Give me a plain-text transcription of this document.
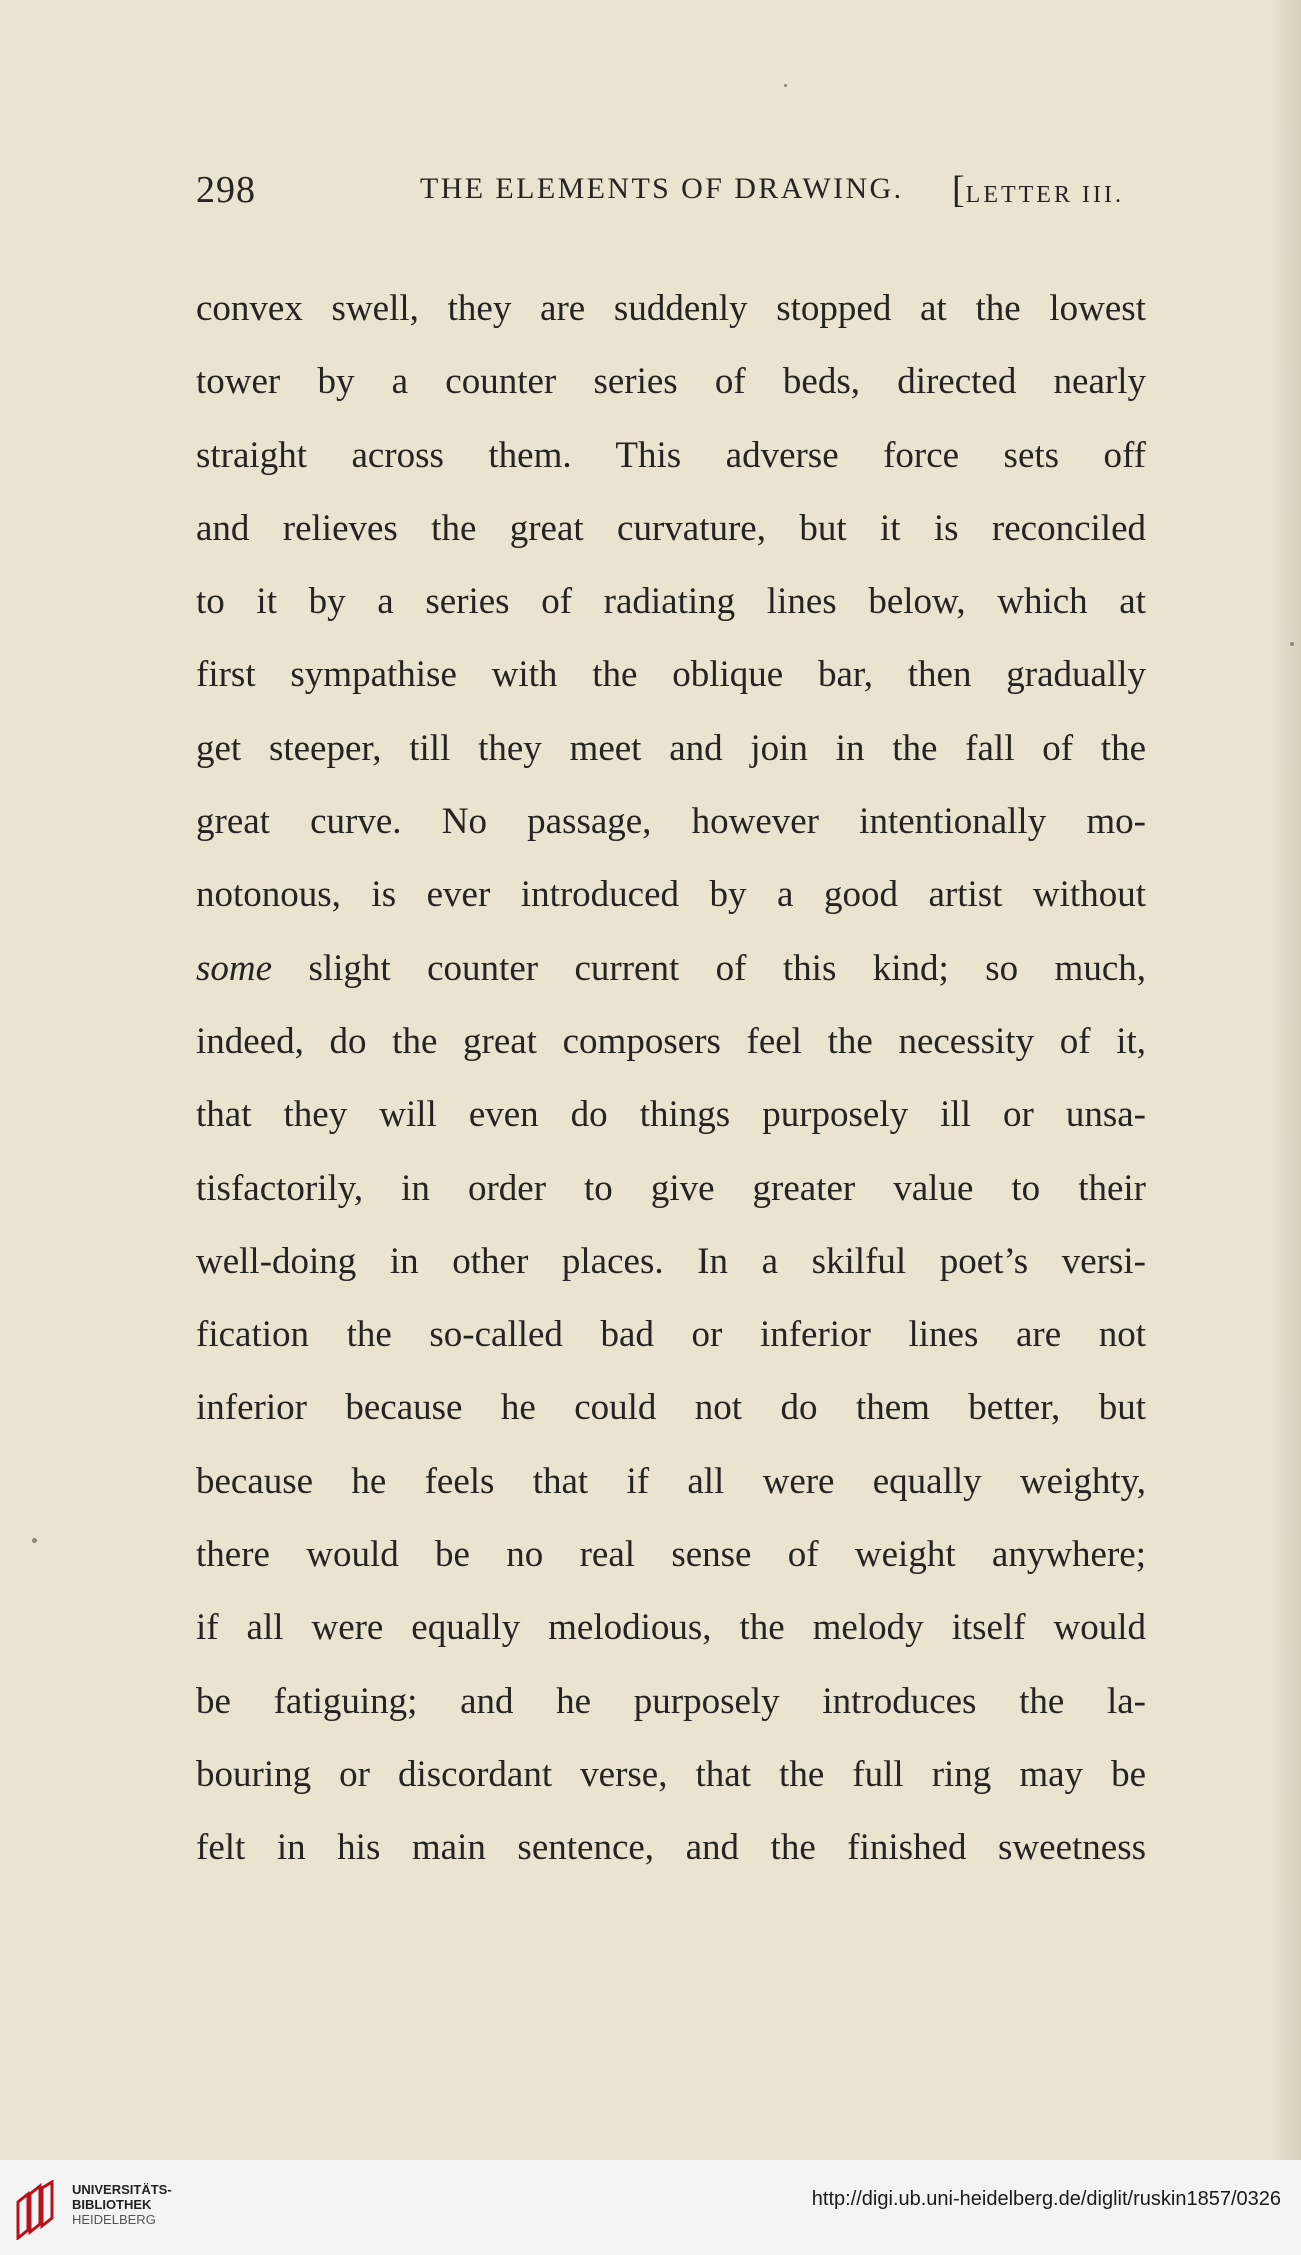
298	THE ELEMENTS OF DRAWING. [LETTER III.
convex swell, they are suddenly stopped at the lowest
tower by a counter series of beds, directed nearly
straight across them. This adverse force sets off
and relieves the great curvature, but it is reconciled
to it by a series of radiating lines below, which at
first sympathise with the oblique bar, then gradually
get steeper, till they meet and join in the fall of the
great curve. No passage, however intentionally mo-
notonous, is ever introduced by a good artist without
some slight counter current of this kind; so much,
indeed, do the great composers feel the necessity of it,
that they will even do things purposely ill or unsa-
tisfactorily, in order to give greater value to their
well-doing in other places. In a skilful poet’s versi-
fication the so-called bad or inferior lines are not
inferior because he could not do them better, but
because he feels that if all were equally weighty,
there would be no real sense of weight anywhere;
if all were equally melodious, the melody itself would
be fatiguing; and he purposely introduces the la-
bouring or discordant verse, that the full ring may be
felt in his main sentence, and the finished sweetness
UNIVERSITÄTS-
BIBLIOTHEK
HEIDELBERG
http://digi.ub.uni-heidelberg.de/diglit/ruskin1857/0326
